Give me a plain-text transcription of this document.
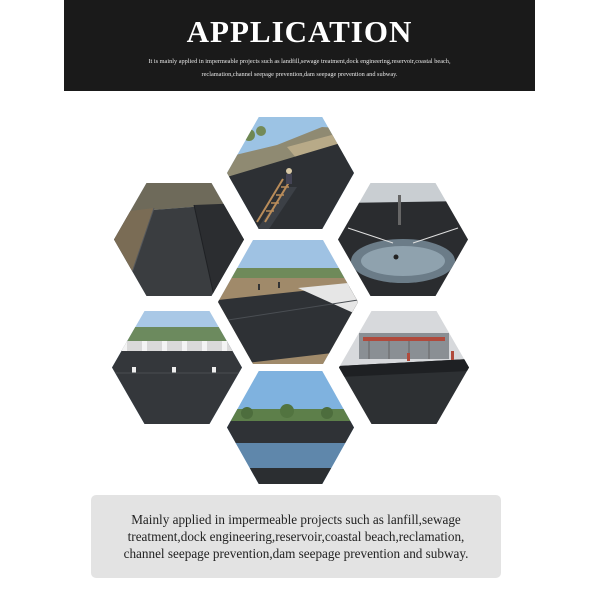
APPLICATION
It is mainly applied in impermeable projects such as landfill,sewage treatment,dock engineering,reservoir,coastal beach, reclamation,channel seepage prevention,dam seepage prevention and subway.
Mainly applied in impermeable projects such as lanfill,sewage treatment,dock engineering,reservoir,coastal beach,reclamation, channel seepage prevention,dam seepage prevention and subway.
